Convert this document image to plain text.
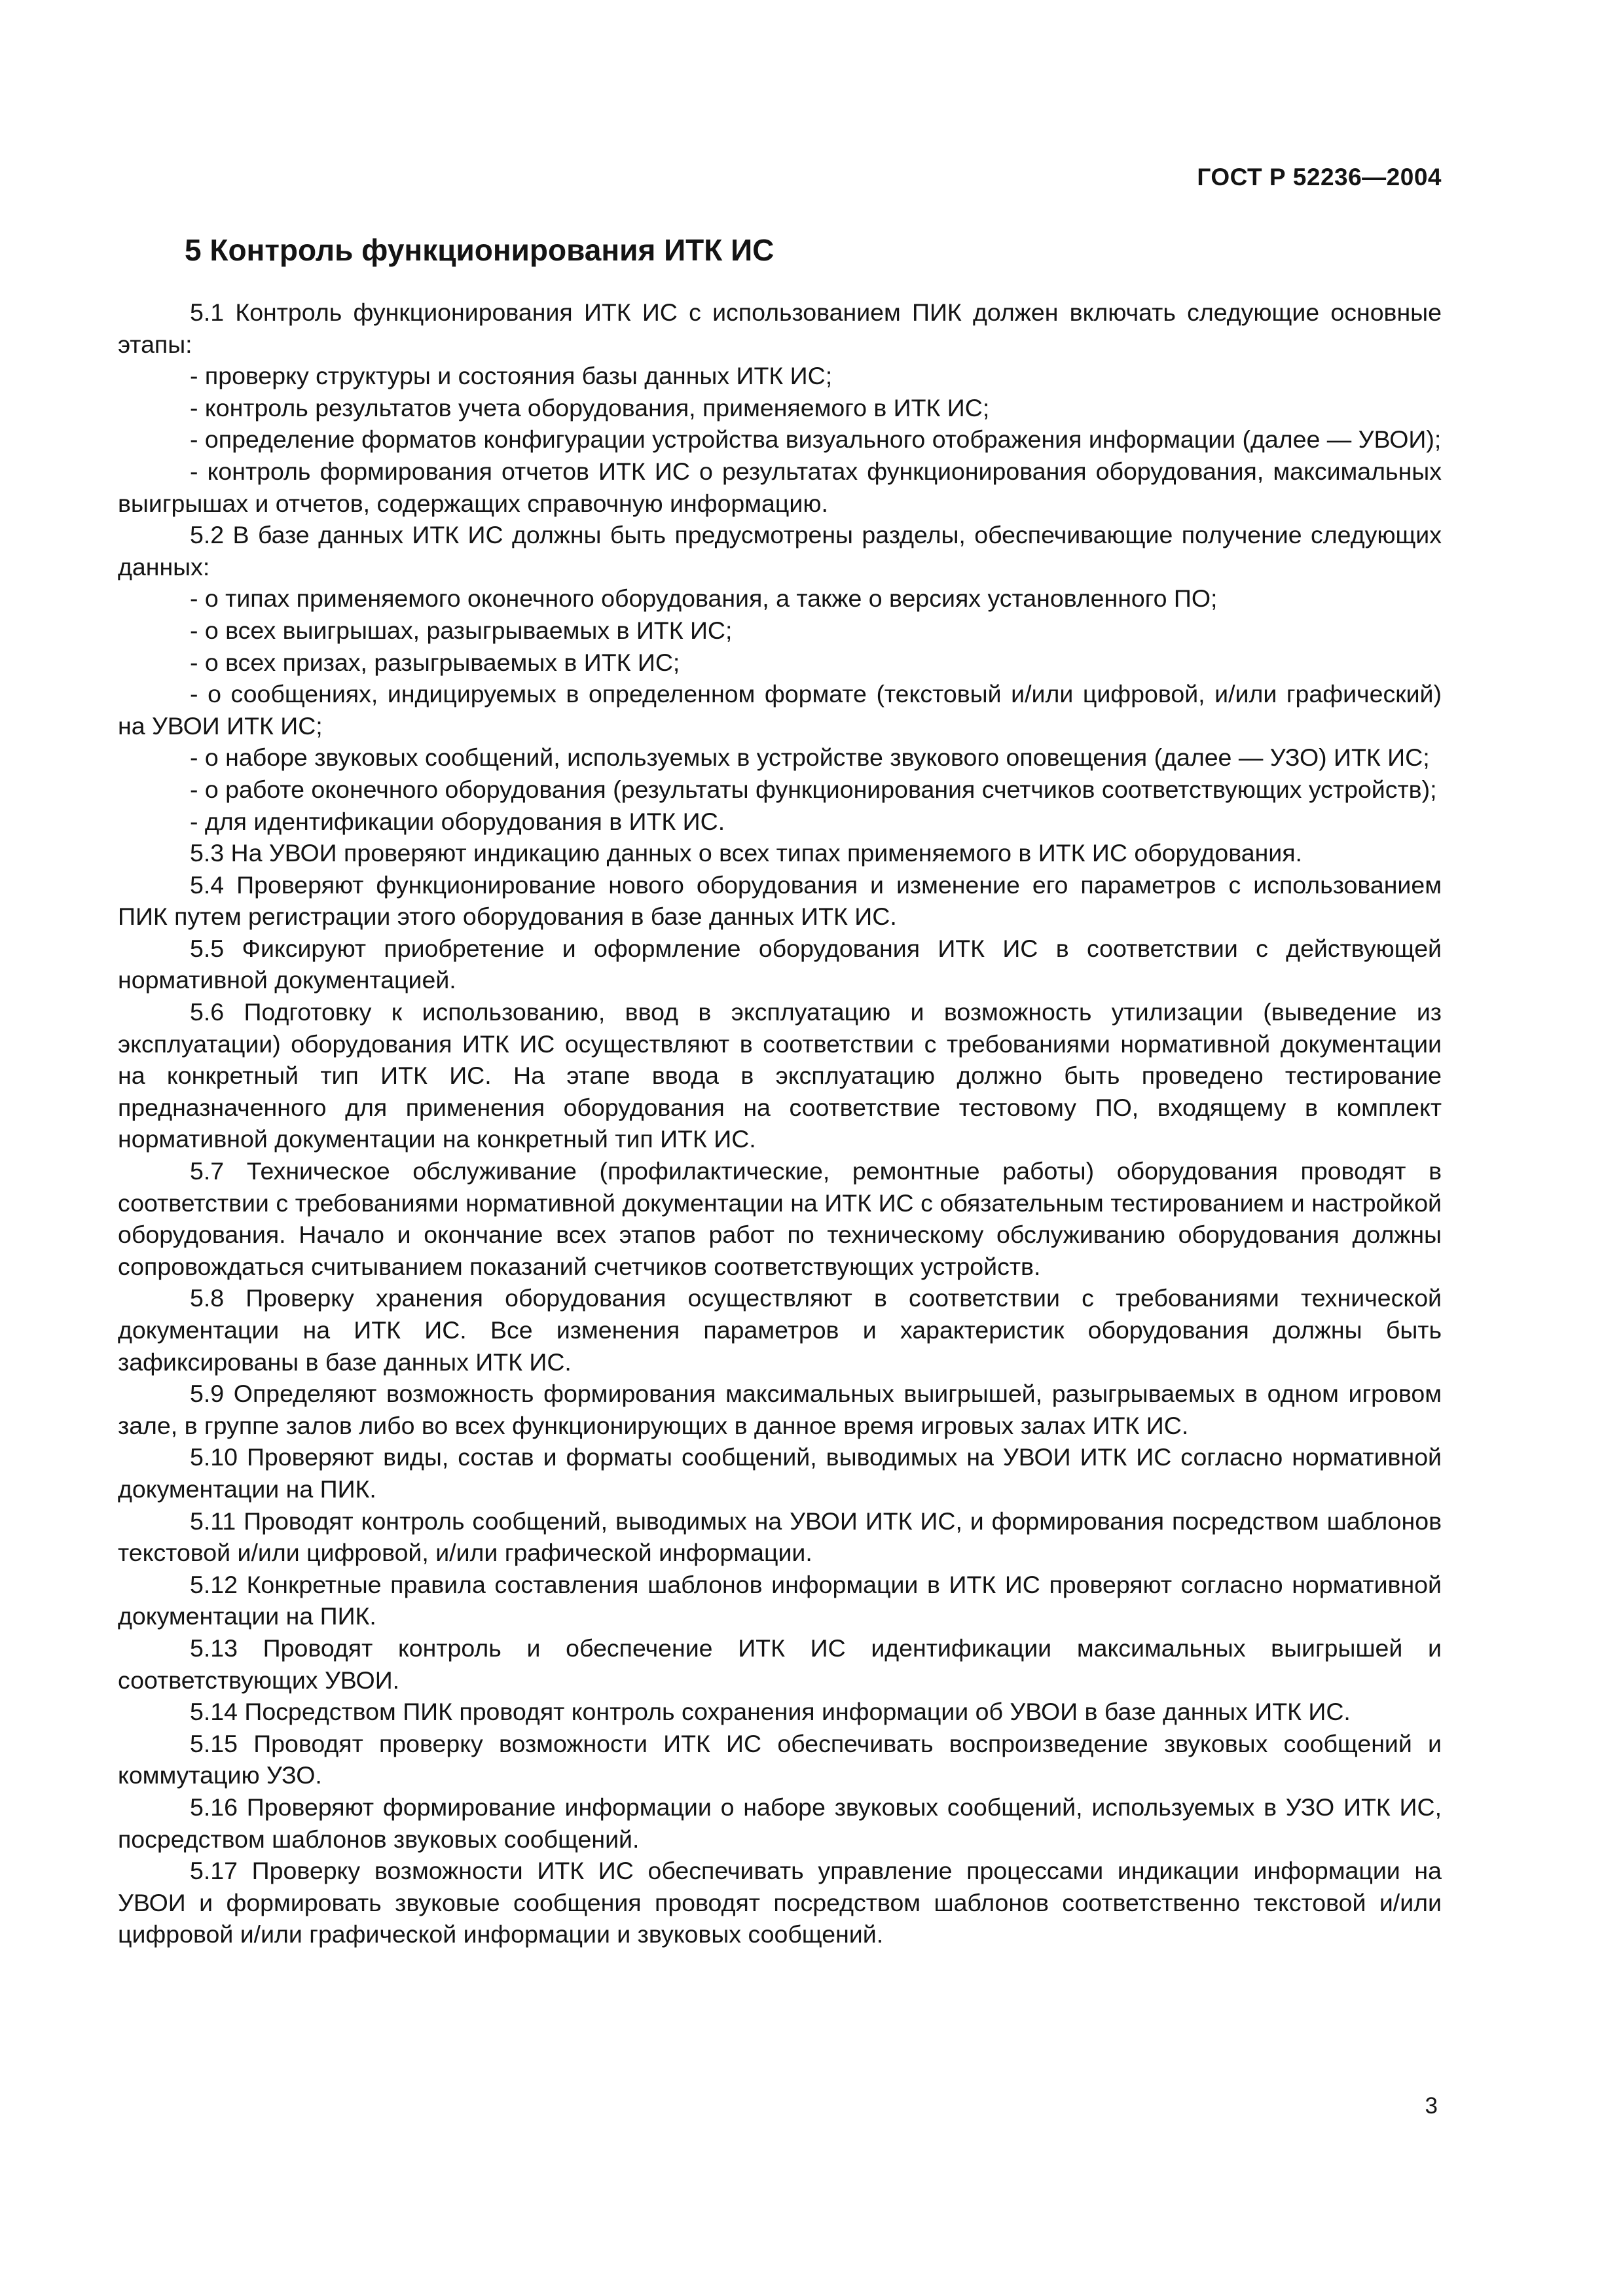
ГОСТ Р 52236—2004
5 Контроль функционирования ИТК ИС

5.1 Контроль функционирования ИТК ИС с использованием ПИК должен включать следующие основные этапы:

- проверку структуры и состояния базы данных ИТК ИС;

- контроль результатов учета оборудования, применяемого в ИТК ИС;

- определение форматов конфигурации устройства визуального отображения информации (далее — УВОИ);

- контроль формирования отчетов ИТК ИС о результатах функционирования оборудования, максимальных выигрышах и отчетов, содержащих справочную информацию.

5.2 В базе данных ИТК ИС должны быть предусмотрены разделы, обеспечивающие получение следующих данных:

- о типах применяемого оконечного оборудования, а также о версиях установленного ПО;

- о всех выигрышах, разыгрываемых в ИТК ИС;

- о всех призах, разыгрываемых в ИТК ИС;

- о сообщениях, индицируемых в определенном формате (текстовый и/или цифровой, и/или графический) на УВОИ ИТК ИС;

- о наборе звуковых сообщений, используемых в устройстве звукового оповещения (далее — УЗО) ИТК ИС;

- о работе оконечного оборудования (результаты функционирования счетчиков соответствующих устройств);

- для идентификации оборудования в ИТК ИС.

5.3 На УВОИ проверяют индикацию данных о всех типах применяемого в ИТК ИС оборудования.

5.4 Проверяют функционирование нового оборудования и изменение его параметров с использованием ПИК путем регистрации этого оборудования в базе данных ИТК ИС.

5.5 Фиксируют приобретение и оформление оборудования ИТК ИС в соответствии с действующей нормативной документацией.

5.6 Подготовку к использованию, ввод в эксплуатацию и возможность утилизации (выведение из эксплуатации) оборудования ИТК ИС осуществляют в соответствии с требованиями нормативной документации на конкретный тип ИТК ИС. На этапе ввода в эксплуатацию должно быть проведено тестирование предназначенного для применения оборудования на соответствие тестовому ПО, входящему в комплект нормативной документации на конкретный тип ИТК ИС.

5.7 Техническое обслуживание (профилактические, ремонтные работы) оборудования проводят в соответствии с требованиями нормативной документации на ИТК ИС с обязательным тестированием и настройкой оборудования. Начало и окончание всех этапов работ по техническому обслуживанию оборудования должны сопровождаться считыванием показаний счетчиков соответствующих устройств.

5.8 Проверку хранения оборудования осуществляют в соответствии с требованиями технической документации на ИТК ИС. Все изменения параметров и характеристик оборудования должны быть зафиксированы в базе данных ИТК ИС.

5.9 Определяют возможность формирования максимальных выигрышей, разыгрываемых в одном игровом зале, в группе залов либо во всех функционирующих в данное время игровых залах ИТК ИС.

5.10 Проверяют виды, состав и форматы сообщений, выводимых на УВОИ ИТК ИС согласно нормативной документации на ПИК.

5.11 Проводят контроль сообщений, выводимых на УВОИ ИТК ИС, и формирования посредством шаблонов текстовой и/или цифровой, и/или графической информации.

5.12 Конкретные правила составления шаблонов информации в ИТК ИС проверяют согласно нормативной документации на ПИК.

5.13 Проводят контроль и обеспечение ИТК ИС идентификации максимальных выигрышей и соответствующих УВОИ.

5.14 Посредством ПИК проводят контроль сохранения информации об УВОИ в базе данных ИТК ИС.

5.15 Проводят проверку возможности ИТК ИС обеспечивать воспроизведение звуковых сообщений и коммутацию УЗО.

5.16 Проверяют формирование информации о наборе звуковых сообщений, используемых в УЗО ИТК ИС, посредством шаблонов звуковых сообщений.

5.17 Проверку возможности ИТК ИС обеспечивать управление процессами индикации информации на УВОИ и формировать звуковые сообщения проводят посредством шаблонов соответственно текстовой и/или цифровой и/или графической информации и звуковых сообщений.

3
